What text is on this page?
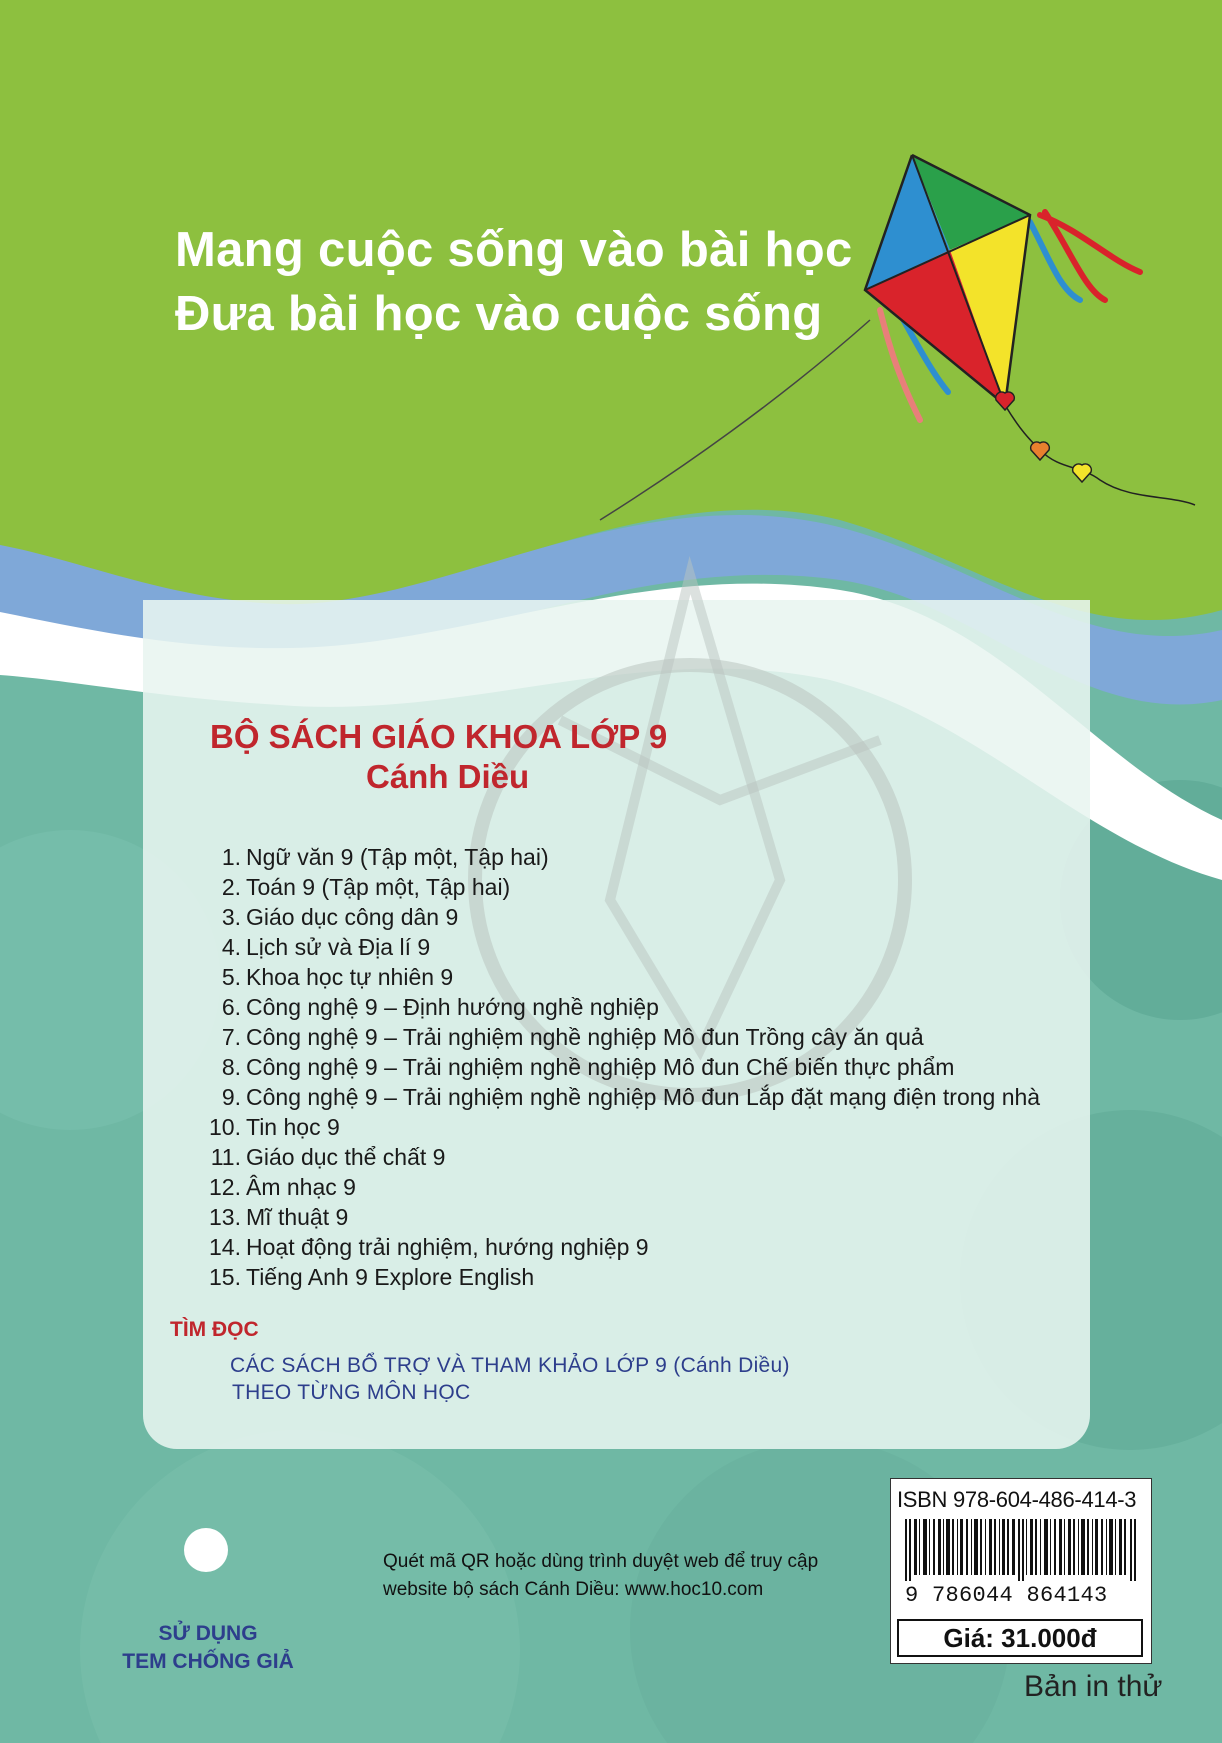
Mang cuộc sống vào bài học
Đưa bài học vào cuộc sống
BỘ SÁCH GIÁO KHOA LỚP 9
Cánh Diều
1. Ngữ văn 9 (Tập một, Tập hai)
2. Toán 9 (Tập một, Tập hai)
3. Giáo dục công dân 9
4. Lịch sử và Địa lí 9
5. Khoa học tự nhiên 9
6. Công nghệ 9 – Định hướng nghề nghiệp
7. Công nghệ 9 – Trải nghiệm nghề nghiệp Mô đun Trồng cây ăn quả
8. Công nghệ 9 – Trải nghiệm nghề nghiệp Mô đun Chế biến thực phẩm
9. Công nghệ 9 – Trải nghiệm nghề nghiệp Mô đun Lắp đặt mạng điện trong nhà
10. Tin học 9
11. Giáo dục thể chất 9
12. Âm nhạc 9
13. Mĩ thuật 9
14. Hoạt động trải nghiệm, hướng nghiệp 9
15. Tiếng Anh 9 Explore English
TÌM ĐỌC
CÁC SÁCH BỔ TRỢ VÀ THAM KHẢO LỚP 9 (Cánh Diều)
THEO TỪNG MÔN HỌC
SỬ DỤNG
TEM CHỐNG GIẢ
Quét mã QR hoặc dùng trình duyệt web để truy cập
website bộ sách Cánh Diều: www.hoc10.com
ISBN 978-604-486-414-3
9 786044 864143
Giá: 31.000đ
Bản in thử
